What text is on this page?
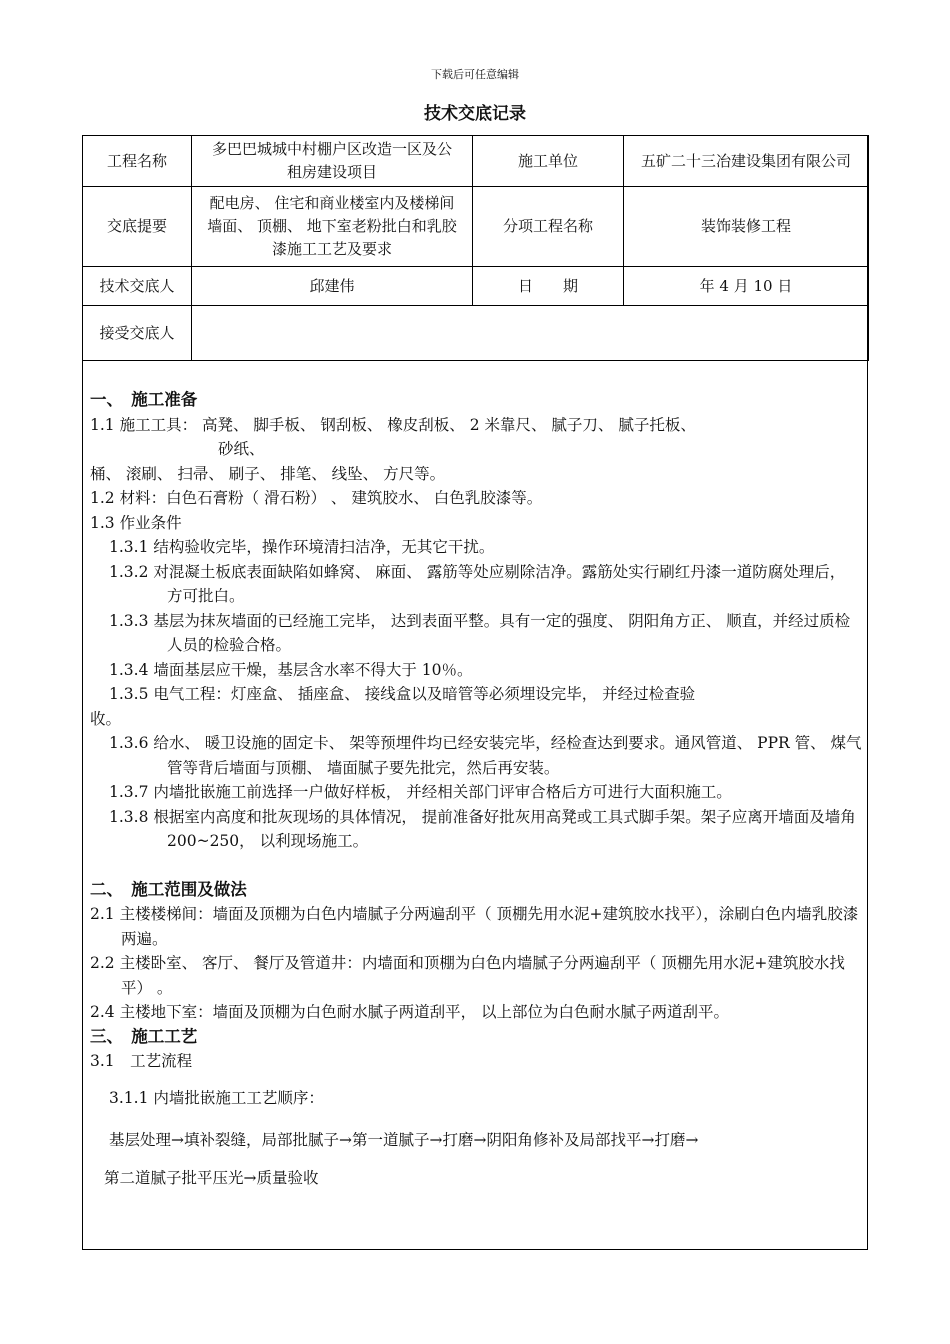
下载后可任意编辑
技术交底记录
工程名称	多巴巴城城中村棚户区改造一区及公租房建设项目	施工单位	五矿二十三冶建设集团有限公司
交底提要	配电房、 住宅和商业楼室内及楼梯间墙面、 顶棚、 地下室老粉批白和乳胶漆施工工艺及要求	分项工程名称	装饰装修工程
技术交底人	邱建伟	日　　期	年 4 月 10 日
接受交底人			

一、　施工准备

1.1 施工工具： 高凳、 脚手板、 钢刮板、 橡皮刮板、 2 米靠尺、 腻子刀、 腻子托板、

砂纸、

桶、 滚刷、 扫帚、 刷子、 排笔、 线坠、 方尺等。

1.2 材料：白色石膏粉（ 滑石粉） 、 建筑胶水、 白色乳胶漆等。

1.3 作业条件

1.3.1 结构验收完毕，操作环境清扫洁净，无其它干扰。

1.3.2 对混凝土板底表面缺陷如蜂窝、 麻面、 露筋等处应剔除洁净。露筋处实行刷红丹漆一道防腐处理后， 方可批白。

1.3.3 基层为抹灰墙面的已经施工完毕， 达到表面平整。具有一定的强度、 阴阳角方正、 顺直，并经过质检人员的检验合格。

1.3.4 墙面基层应干燥，基层含水率不得大于 10％。

1.3.5 电气工程：灯座盒、 插座盒、 接线盒以及暗管等必须埋设完毕， 并经过检查验

收。

1.3.6 给水、 暖卫设施的固定卡、 架等预埋件均已经安装完毕，经检查达到要求。通风管道、 PPR 管、 煤气管等背后墙面与顶棚、 墙面腻子要先批完，然后再安装。

1.3.7 内墙批嵌施工前选择一户做好样板， 并经相关部门评审合格后方可进行大面积施工。

1.3.8 根据室内高度和批灰现场的具体情况， 提前准备好批灰用高凳或工具式脚手架。架子应离开墙面及墙角 200~250， 以利现场施工。

二、　施工范围及做法

2.1 主楼楼梯间：墙面及顶棚为白色内墙腻子分两遍刮平（ 顶棚先用水泥+建筑胶水找平），涂刷白色内墙乳胶漆两遍。

2.2 主楼卧室、 客厅、 餐厅及管道井：内墙面和顶棚为白色内墙腻子分两遍刮平（ 顶棚先用水泥+建筑胶水找平） 。

2.4 主楼地下室：墙面及顶棚为白色耐水腻子两道刮平， 以上部位为白色耐水腻子两道刮平。

三、　施工工艺

3.1　工艺流程

3.1.1 内墙批嵌施工工艺顺序：

基层处理→填补裂缝，局部批腻子→第一道腻子→打磨→阴阳角修补及局部找平→打磨→

第二道腻子批平压光→质量验收
